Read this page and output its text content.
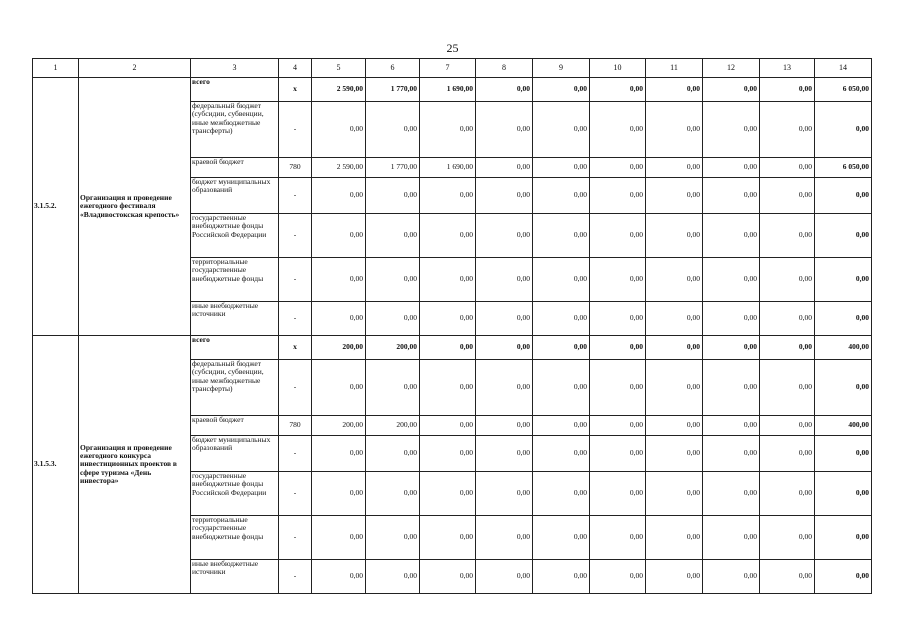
25
1	2	3	4	5	6	7	8	9	10	11	12	13	14
3.1.5.2.	Организация и проведение ежегодного фестиваля «Владивостокская крепость»	всего	x	2 590,00	1 770,00	1 690,00	0,00	0,00	0,00	0,00	0,00	0,00	6 050,00
		федеральный бюджет (субсидии, субвенции, иные межбюджетные трансферты)	-	0,00	0,00	0,00	0,00	0,00	0,00	0,00	0,00	0,00	0,00
		краевой бюджет	780	2 590,00	1 770,00	1 690,00	0,00	0,00	0,00	0,00	0,00	0,00	6 050,00
		бюджет муниципальных образований	-	0,00	0,00	0,00	0,00	0,00	0,00	0,00	0,00	0,00	0,00
		государственные внебюджетные фонды Российской Федерации	-	0,00	0,00	0,00	0,00	0,00	0,00	0,00	0,00	0,00	0,00
		территориальные государственные внебюджетные фонды	-	0,00	0,00	0,00	0,00	0,00	0,00	0,00	0,00	0,00	0,00
		иные внебюджетные источники	-	0,00	0,00	0,00	0,00	0,00	0,00	0,00	0,00	0,00	0,00
3.1.5.3.	Организация и проведение ежегодного конкурса инвестиционных проектов в сфере туризма «День инвестора»	всего	x	200,00	200,00	0,00	0,00	0,00	0,00	0,00	0,00	0,00	400,00
		федеральный бюджет (субсидии, субвенции, иные межбюджетные трансферты)	-	0,00	0,00	0,00	0,00	0,00	0,00	0,00	0,00	0,00	0,00
		краевой бюджет	780	200,00	200,00	0,00	0,00	0,00	0,00	0,00	0,00	0,00	400,00
		бюджет муниципальных образований	-	0,00	0,00	0,00	0,00	0,00	0,00	0,00	0,00	0,00	0,00
		государственные внебюджетные фонды Российской Федерации	-	0,00	0,00	0,00	0,00	0,00	0,00	0,00	0,00	0,00	0,00
		территориальные государственные внебюджетные фонды	-	0,00	0,00	0,00	0,00	0,00	0,00	0,00	0,00	0,00	0,00
		иные внебюджетные источники	-	0,00	0,00	0,00	0,00	0,00	0,00	0,00	0,00	0,00	0,00
